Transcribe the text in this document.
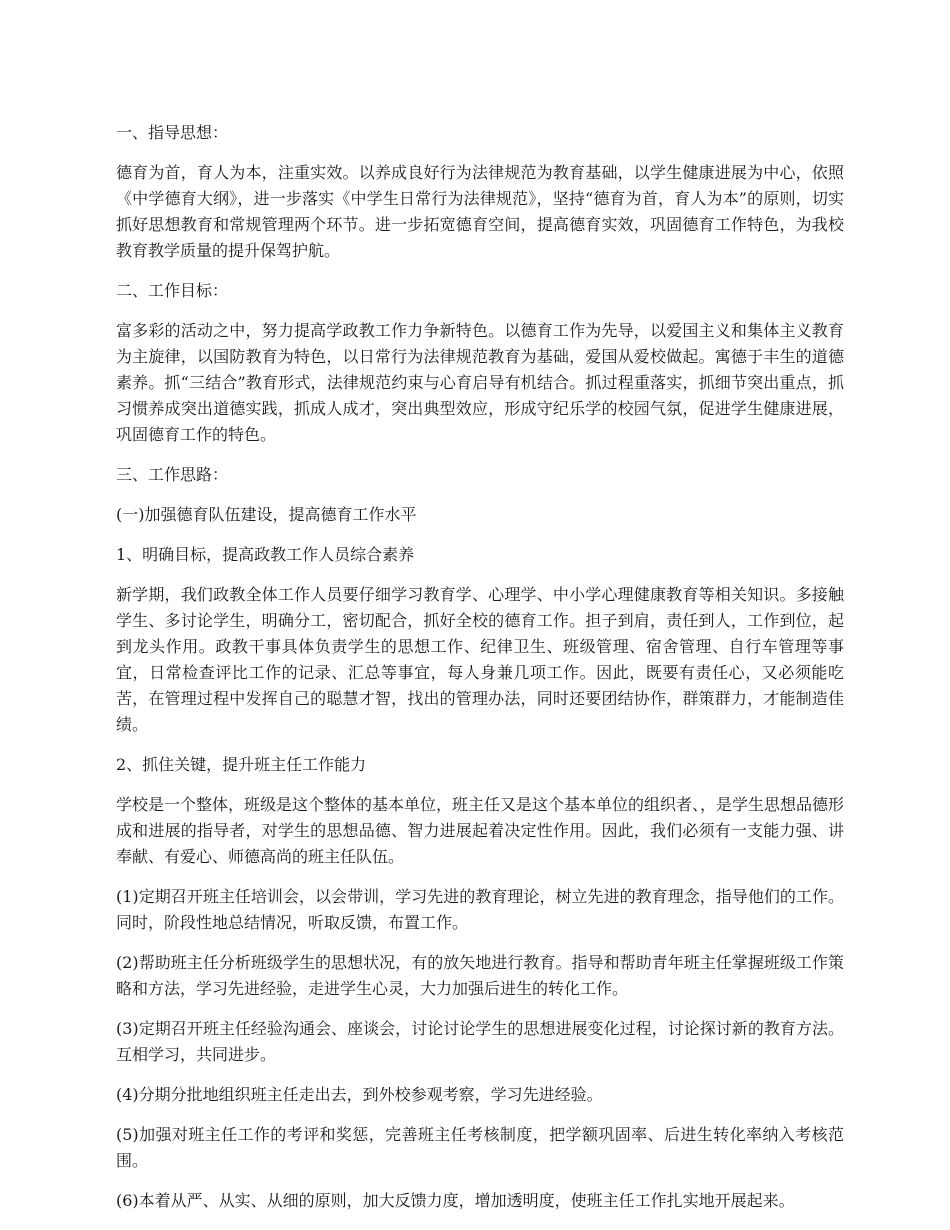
一、指导思想：

德育为首，育人为本，注重实效。以养成良好行为法律规范为教育基础，以学生健康进展为中心，依照《中学德育大纲》，进一步落实《中学生日常行为法律规范》，坚持“德育为首，育人为本”的原则，切实抓好思想教育和常规管理两个环节。进一步拓宽德育空间，提高德育实效，巩固德育工作特色，为我校教育教学质量的提升保驾护航。

二、工作目标：

富多彩的活动之中，努力提高学政教工作力争新特色。以德育工作为先导，以爱国主义和集体主义教育为主旋律，以国防教育为特色，以日常行为法律规范教育为基础，爱国从爱校做起。寓德于丰生的道德素养。抓“三结合”教育形式，法律规范约束与心育启导有机结合。抓过程重落实，抓细节突出重点，抓习惯养成突出道德实践，抓成人成才，突出典型效应，形成守纪乐学的校园气氛，促进学生健康进展，巩固德育工作的特色。

三、工作思路：

(一)加强德育队伍建设，提高德育工作水平

1、明确目标，提高政教工作人员综合素养

新学期，我们政教全体工作人员要仔细学习教育学、心理学、中小学心理健康教育等相关知识。多接触学生、多讨论学生，明确分工，密切配合，抓好全校的德育工作。担子到肩，责任到人，工作到位，起到龙头作用。政教干事具体负责学生的思想工作、纪律卫生、班级管理、宿舍管理、自行车管理等事宜，日常检查评比工作的记录、汇总等事宜，每人身兼几项工作。因此，既要有责任心，又必须能吃苦，在管理过程中发挥自己的聪慧才智，找出的管理办法，同时还要团结协作，群策群力，才能制造佳绩。

2、抓住关键，提升班主任工作能力

学校是一个整体，班级是这个整体的基本单位，班主任又是这个基本单位的组织者、，是学生思想品德形成和进展的指导者，对学生的思想品德、智力进展起着决定性作用。因此，我们必须有一支能力强、讲奉献、有爱心、师德高尚的班主任队伍。

(1)定期召开班主任培训会，以会带训，学习先进的教育理论，树立先进的教育理念，指导他们的工作。同时，阶段性地总结情况，听取反馈，布置工作。

(2)帮助班主任分析班级学生的思想状况，有的放矢地进行教育。指导和帮助青年班主任掌握班级工作策略和方法，学习先进经验，走进学生心灵，大力加强后进生的转化工作。

(3)定期召开班主任经验沟通会、座谈会，讨论讨论学生的思想进展变化过程，讨论探讨新的教育方法。互相学习，共同进步。

(4)分期分批地组织班主任走出去，到外校参观考察，学习先进经验。

(5)加强对班主任工作的考评和奖惩，完善班主任考核制度，把学额巩固率、后进生转化率纳入考核范围。

(6)本着从严、从实、从细的原则，加大反馈力度，增加透明度，使班主任工作扎实地开展起来。
